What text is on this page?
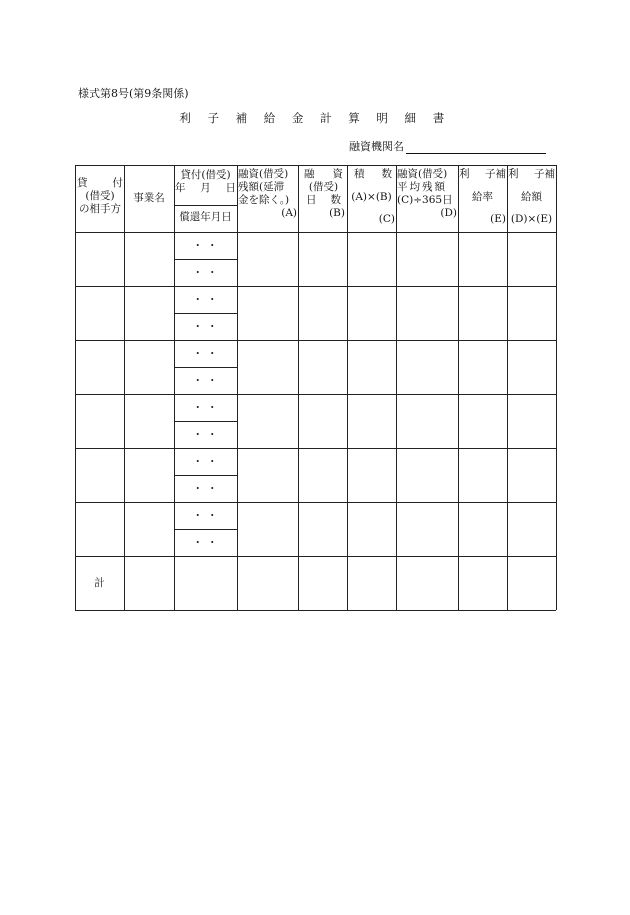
様式第8号(第9条関係)
利 子 補 給 金 計 算 明 細 書
融資機関名
貸 付
(借受)
の相手方
事業名
貸付(借受)
年 月 日
償還年月日
融資(借受)
残額(延滞
金を除く。)
(A)
融 資
(借受)
日 数
(B)
積 数
(A)×(B)
(C)
融資(借受)
平均残額
(C)÷365日
(D)
利 子補
給率
(E)
利 子補
給額
(D)×(E)
・ ・
・ ・
・ ・
・ ・
・ ・
・ ・
・ ・
・ ・
・ ・
・ ・
・ ・
・ ・
計
